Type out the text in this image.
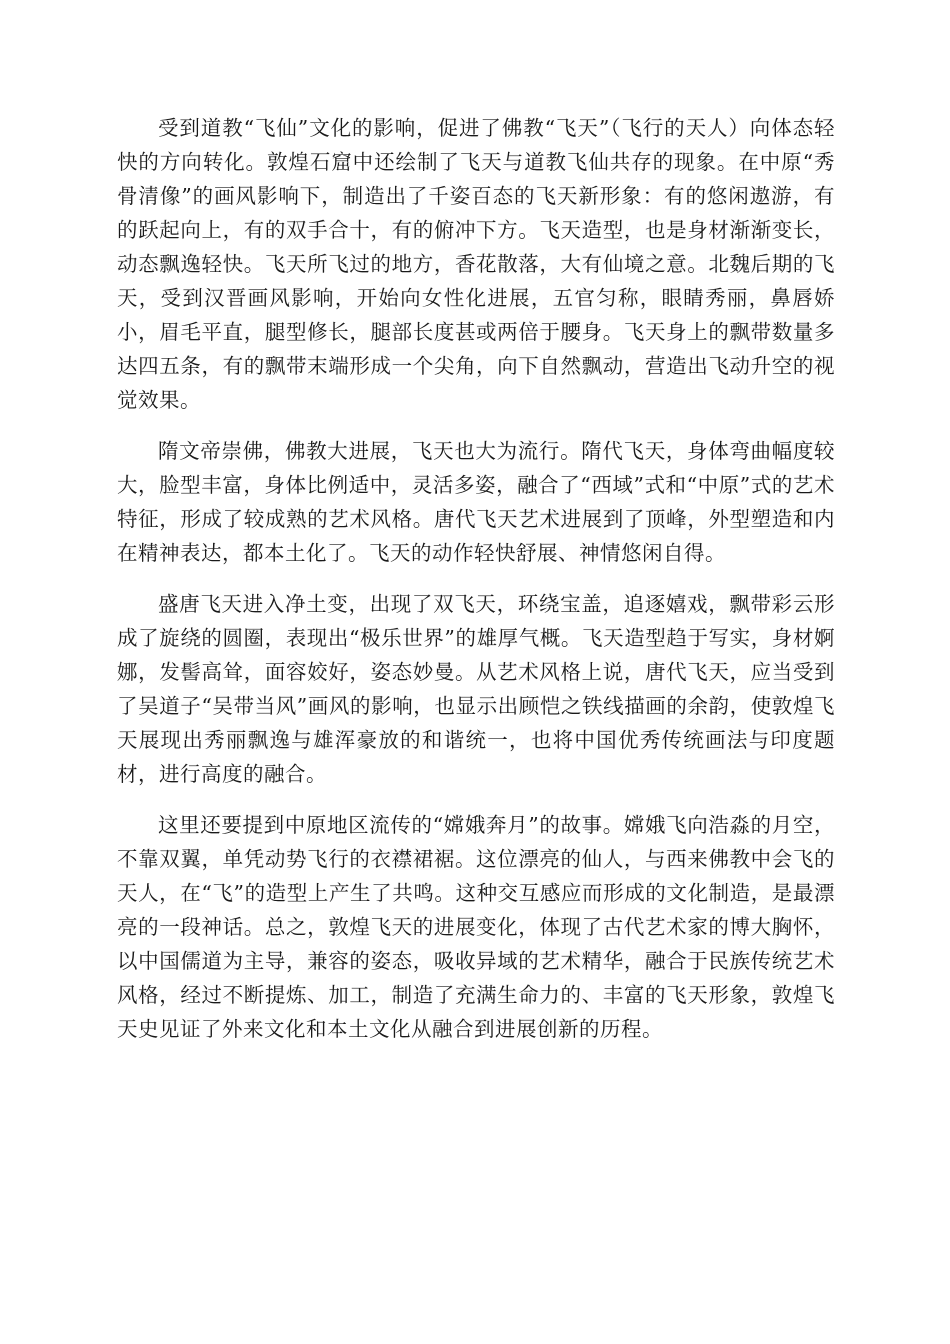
受到道教“飞仙”文化的影响，促进了佛教“飞天”（飞行的天人）向体态轻快的方向转化。敦煌石窟中还绘制了飞天与道教飞仙共存的现象。在中原“秀骨清像”的画风影响下，制造出了千姿百态的飞天新形象：有的悠闲遨游，有的跃起向上，有的双手合十，有的俯冲下方。飞天造型，也是身材渐渐变长，动态飘逸轻快。飞天所飞过的地方，香花散落，大有仙境之意。北魏后期的飞天，受到汉晋画风影响，开始向女性化进展，五官匀称，眼睛秀丽，鼻唇娇小，眉毛平直，腿型修长，腿部长度甚或两倍于腰身。飞天身上的飘带数量多达四五条，有的飘带末端形成一个尖角，向下自然飘动，营造出飞动升空的视觉效果。

隋文帝崇佛，佛教大进展，飞天也大为流行。隋代飞天，身体弯曲幅度较大，脸型丰富，身体比例适中，灵活多姿，融合了“西域”式和“中原”式的艺术特征，形成了较成熟的艺术风格。唐代飞天艺术进展到了顶峰，外型塑造和内在精神表达，都本土化了。飞天的动作轻快舒展、神情悠闲自得。

盛唐飞天进入净土变，出现了双飞天，环绕宝盖，追逐嬉戏，飘带彩云形成了旋绕的圆圈，表现出“极乐世界”的雄厚气概。飞天造型趋于写实，身材婀娜，发髻高耸，面容姣好，姿态妙曼。从艺术风格上说，唐代飞天，应当受到了吴道子“吴带当风”画风的影响，也显示出顾恺之铁线描画的余韵，使敦煌飞天展现出秀丽飘逸与雄浑豪放的和谐统一，也将中国优秀传统画法与印度题材，进行高度的融合。

这里还要提到中原地区流传的“嫦娥奔月”的故事。嫦娥飞向浩淼的月空，不靠双翼，单凭动势飞行的衣襟裙裾。这位漂亮的仙人，与西来佛教中会飞的天人，在“飞”的造型上产生了共鸣。这种交互感应而形成的文化制造，是最漂亮的一段神话。总之，敦煌飞天的进展变化，体现了古代艺术家的博大胸怀，以中国儒道为主导，兼容的姿态，吸收异域的艺术精华，融合于民族传统艺术风格，经过不断提炼、加工，制造了充满生命力的、丰富的飞天形象，敦煌飞天史见证了外来文化和本土文化从融合到进展创新的历程。
